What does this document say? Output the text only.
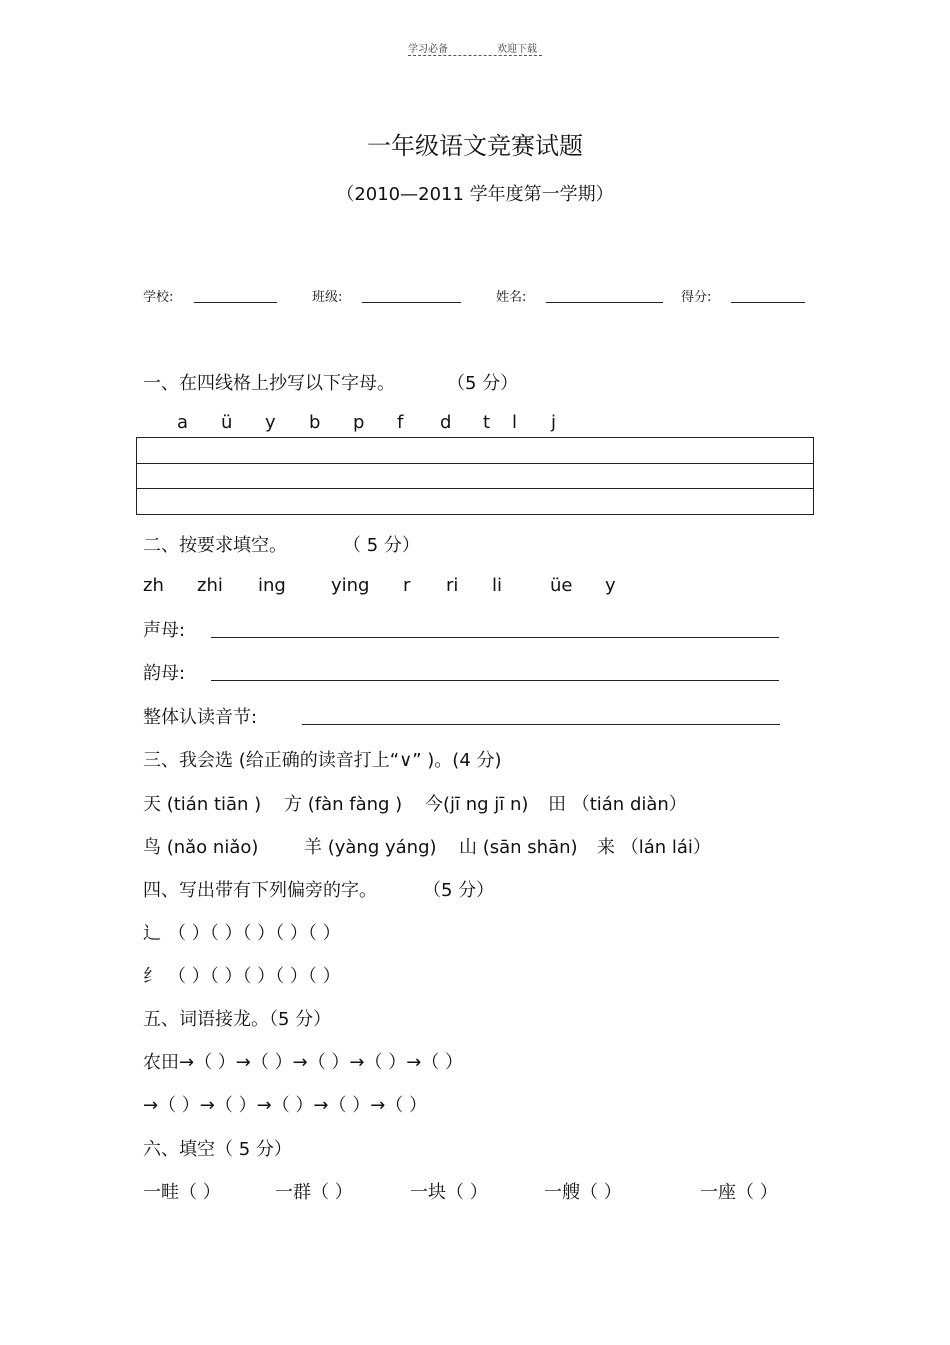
学习必备	欢迎下载
一年级语文竞赛试题
（2010—2011 学年度第一学期）
学校:	班级:	姓名:	得分:
一、在四线格上抄写以下字母。	（5 分）
a ü y b p f d t l j
二、按要求填空。	（ 5 分）
zh zhi ing	ying r ri li	üe y
声母:
韵母:
整体认读音节:
三、我会选 (给正确的读音打上“∨” )。(4 分)
天 (tián tiān ) 方 (fàn fàng ) 今(jī ng jī n) 田 （tián diàn）
鸟 (nǎo niǎo)	羊 (yàng yáng) 山 (sān shān) 来 （lán lái）
四、写出带有下列偏旁的字。	（5 分）
辶 （ ）（ ）（ ）（ ）（ ）
纟 （ ）（ ）（ ）（ ）（ ）
五、词语接龙。（5 分）
农田→（ ）→（ ）→（ ）→（ ）→（ ）
→（ ）→（ ）→（ ）→（ ）→（ ）
六、填空（ 5 分）
一畦（ ）	一群（ ）	一块（ ）	一艘（ ）	一座（ ）
